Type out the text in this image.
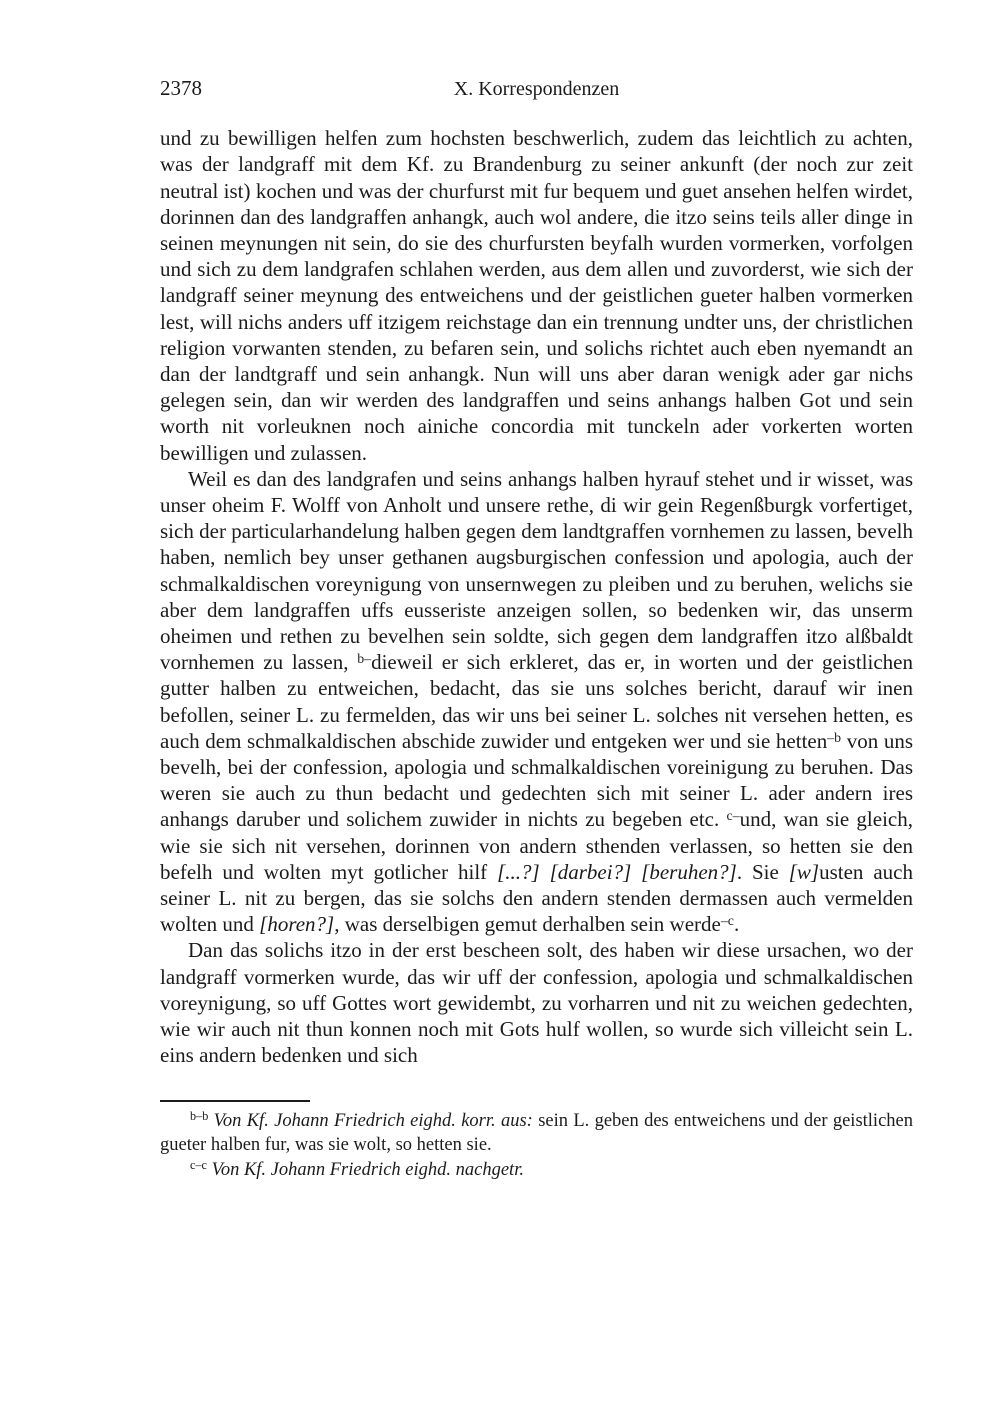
2378	X. Korrespondenzen

und zu bewilligen helfen zum hochsten beschwerlich, zudem das leichtlich zu achten, was der landgraff mit dem Kf. zu Brandenburg zu seiner ankunft (der noch zur zeit neutral ist) kochen und was der churfurst mit fur bequem und guet ansehen helfen wirdet, dorinnen dan des landgraffen anhangk, auch wol andere, die itzo seins teils aller dinge in seinen meynungen nit sein, do sie des churfursten beyfalh wurden vormerken, vorfolgen und sich zu dem landgrafen schlahen werden, aus dem allen und zuvorderst, wie sich der landgraff seiner meynung des entweichens und der geistlichen gueter halben vormerken lest, will nichs anders uff itzigem reichstage dan ein trennung undter uns, der christlichen religion vorwanten stenden, zu befaren sein, und solichs richtet auch eben nyemandt an dan der landtgraff und sein anhangk. Nun will uns aber daran wenigk ader gar nichs gelegen sein, dan wir werden des landgraffen und seins anhangs halben Got und sein worth nit vorleuknen noch ainiche concordia mit tunckeln ader vorkerten worten bewilligen und zulassen.

Weil es dan des landgrafen und seins anhangs halben hyrauf stehet und ir wisset, was unser oheim F. Wolff von Anholt und unsere rethe, di wir gein Regenßburgk vorfertiget, sich der particularhandelung halben gegen dem landtgraffen vornhemen zu lassen, bevelh haben, nemlich bey unser gethanen augsburgischen confession und apologia, auch der schmalkaldischen voreynigung von unsernwegen zu pleiben und zu beruhen, welichs sie aber dem landgraffen uffs eusseriste anzeigen sollen, so bedenken wir, das unserm oheimen und rethen zu bevelhen sein soldte, sich gegen dem landgraffen itzo alßbaldt vornhemen zu lassen, $^{b-}$dieweil er sich erkleret, das er, in worten und der geistlichen gutter halben zu entweichen, bedacht, das sie uns solches bericht, darauf wir inen befollen, seiner L. zu fermelden, das wir uns bei seiner L. solches nit versehen hetten, es auch dem schmalkaldischen abschide zuwider und entgeken wer und sie hetten$^{-b}$ von uns bevelh, bei der confession, apologia und schmalkaldischen voreinigung zu beruhen. Das weren sie auch zu thun bedacht und gedechten sich mit seiner L. ader andern ires anhangs daruber und solichem zuwider in nichts zu begeben etc. $^{c-}$und, wan sie gleich, wie sie sich nit versehen, dorinnen von andern sthenden verlassen, so hetten sie den befelh und wolten myt gotlicher hilf [...?] [darbei?] [beruhen?]. Sie [w]usten auch seiner L. nit zu bergen, das sie solchs den andern stenden dermassen auch vermelden wolten und [horen?], was derselbigen gemut derhalben sein werde$^{-c}$.

Dan das solichs itzo in der erst bescheen solt, des haben wir diese ursachen, wo der landgraff vormerken wurde, das wir uff der confession, apologia und schmalkaldischen voreynigung, so uff Gottes wort gewidembt, zu vorharren und nit zu weichen gedechten, wie wir auch nit thun konnen noch mit Gots hulf wollen, so wurde sich villeicht sein L. eins andern bedenken und sich

$^{b-b}$ Von Kf. Johann Friedrich eighd. korr. aus: sein L. geben des entweichens und der geistlichen gueter halben fur, was sie wolt, so hetten sie.

$^{c-c}$ Von Kf. Johann Friedrich eighd. nachgetr.
